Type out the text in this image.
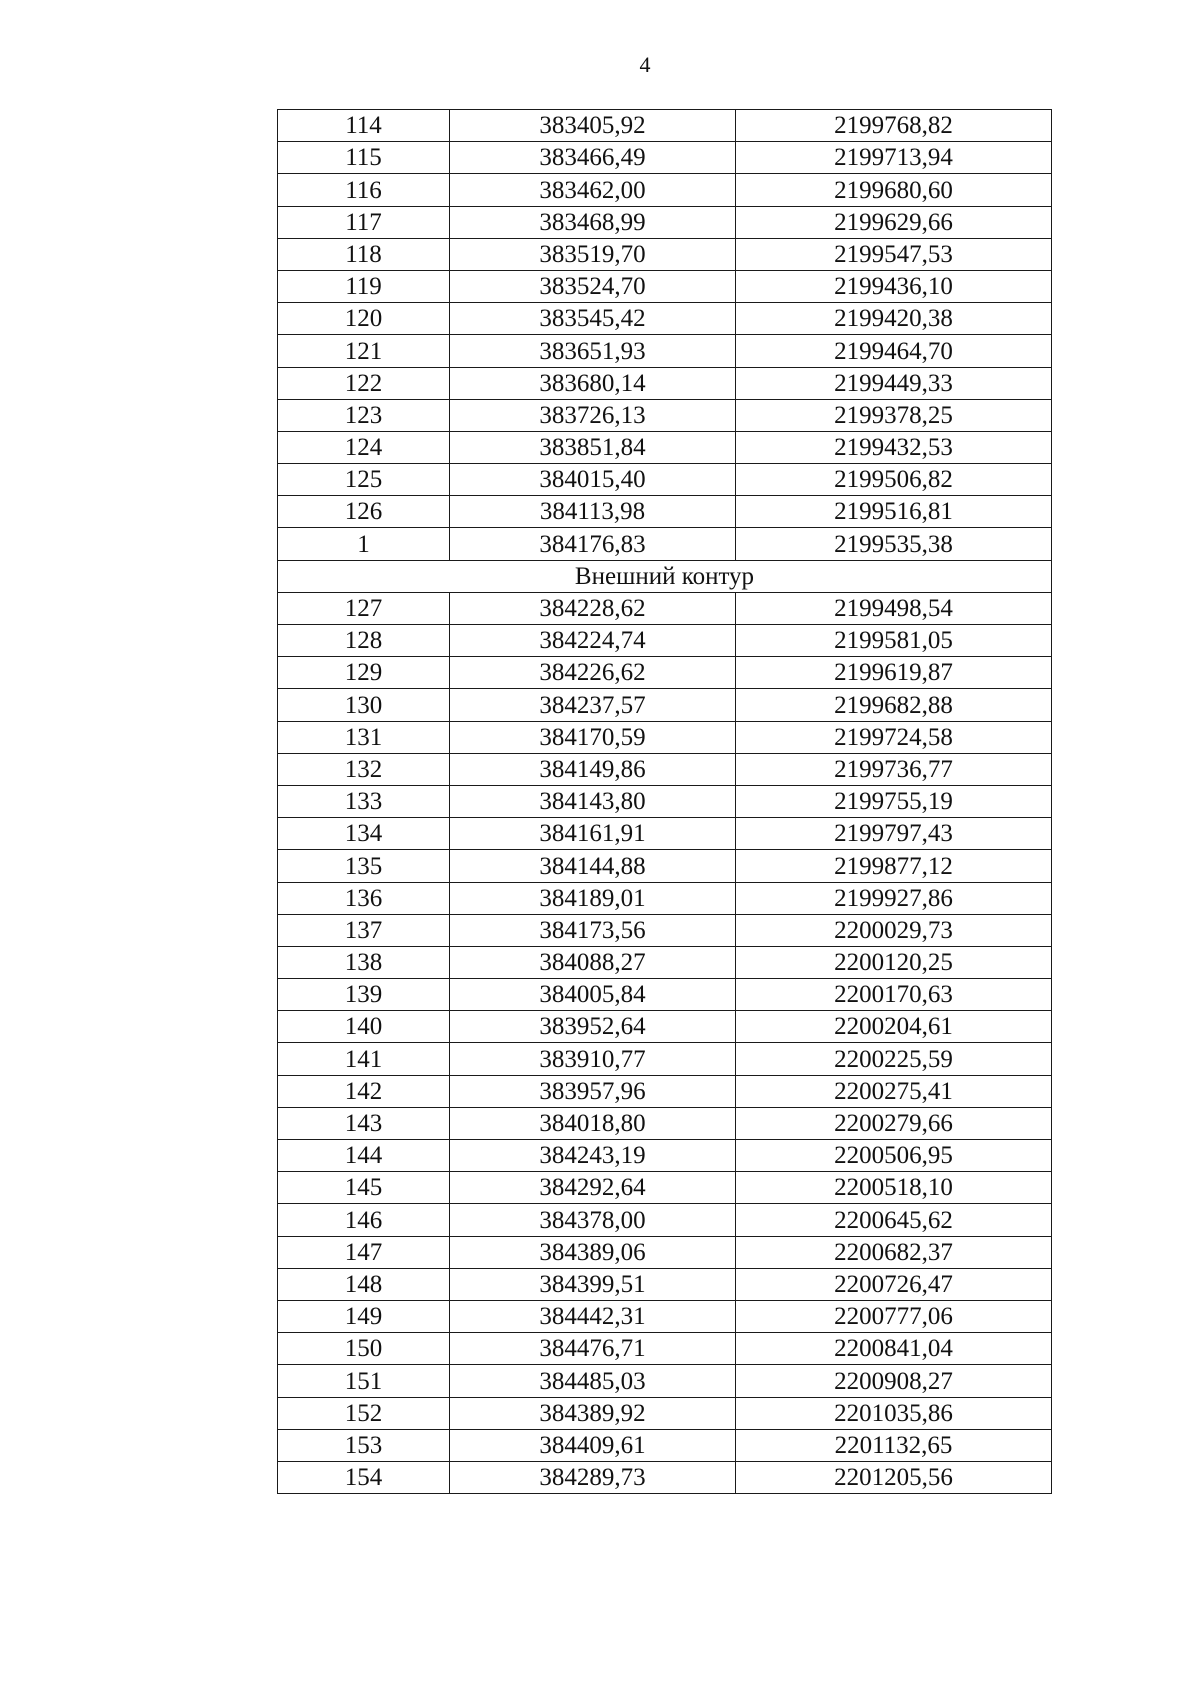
4
114	383405,92	2199768,82
115	383466,49	2199713,94
116	383462,00	2199680,60
117	383468,99	2199629,66
118	383519,70	2199547,53
119	383524,70	2199436,10
120	383545,42	2199420,38
121	383651,93	2199464,70
122	383680,14	2199449,33
123	383726,13	2199378,25
124	383851,84	2199432,53
125	384015,40	2199506,82
126	384113,98	2199516,81
1	384176,83	2199535,38
Внешний контур		
127	384228,62	2199498,54
128	384224,74	2199581,05
129	384226,62	2199619,87
130	384237,57	2199682,88
131	384170,59	2199724,58
132	384149,86	2199736,77
133	384143,80	2199755,19
134	384161,91	2199797,43
135	384144,88	2199877,12
136	384189,01	2199927,86
137	384173,56	2200029,73
138	384088,27	2200120,25
139	384005,84	2200170,63
140	383952,64	2200204,61
141	383910,77	2200225,59
142	383957,96	2200275,41
143	384018,80	2200279,66
144	384243,19	2200506,95
145	384292,64	2200518,10
146	384378,00	2200645,62
147	384389,06	2200682,37
148	384399,51	2200726,47
149	384442,31	2200777,06
150	384476,71	2200841,04
151	384485,03	2200908,27
152	384389,92	2201035,86
153	384409,61	2201132,65
154	384289,73	2201205,56
